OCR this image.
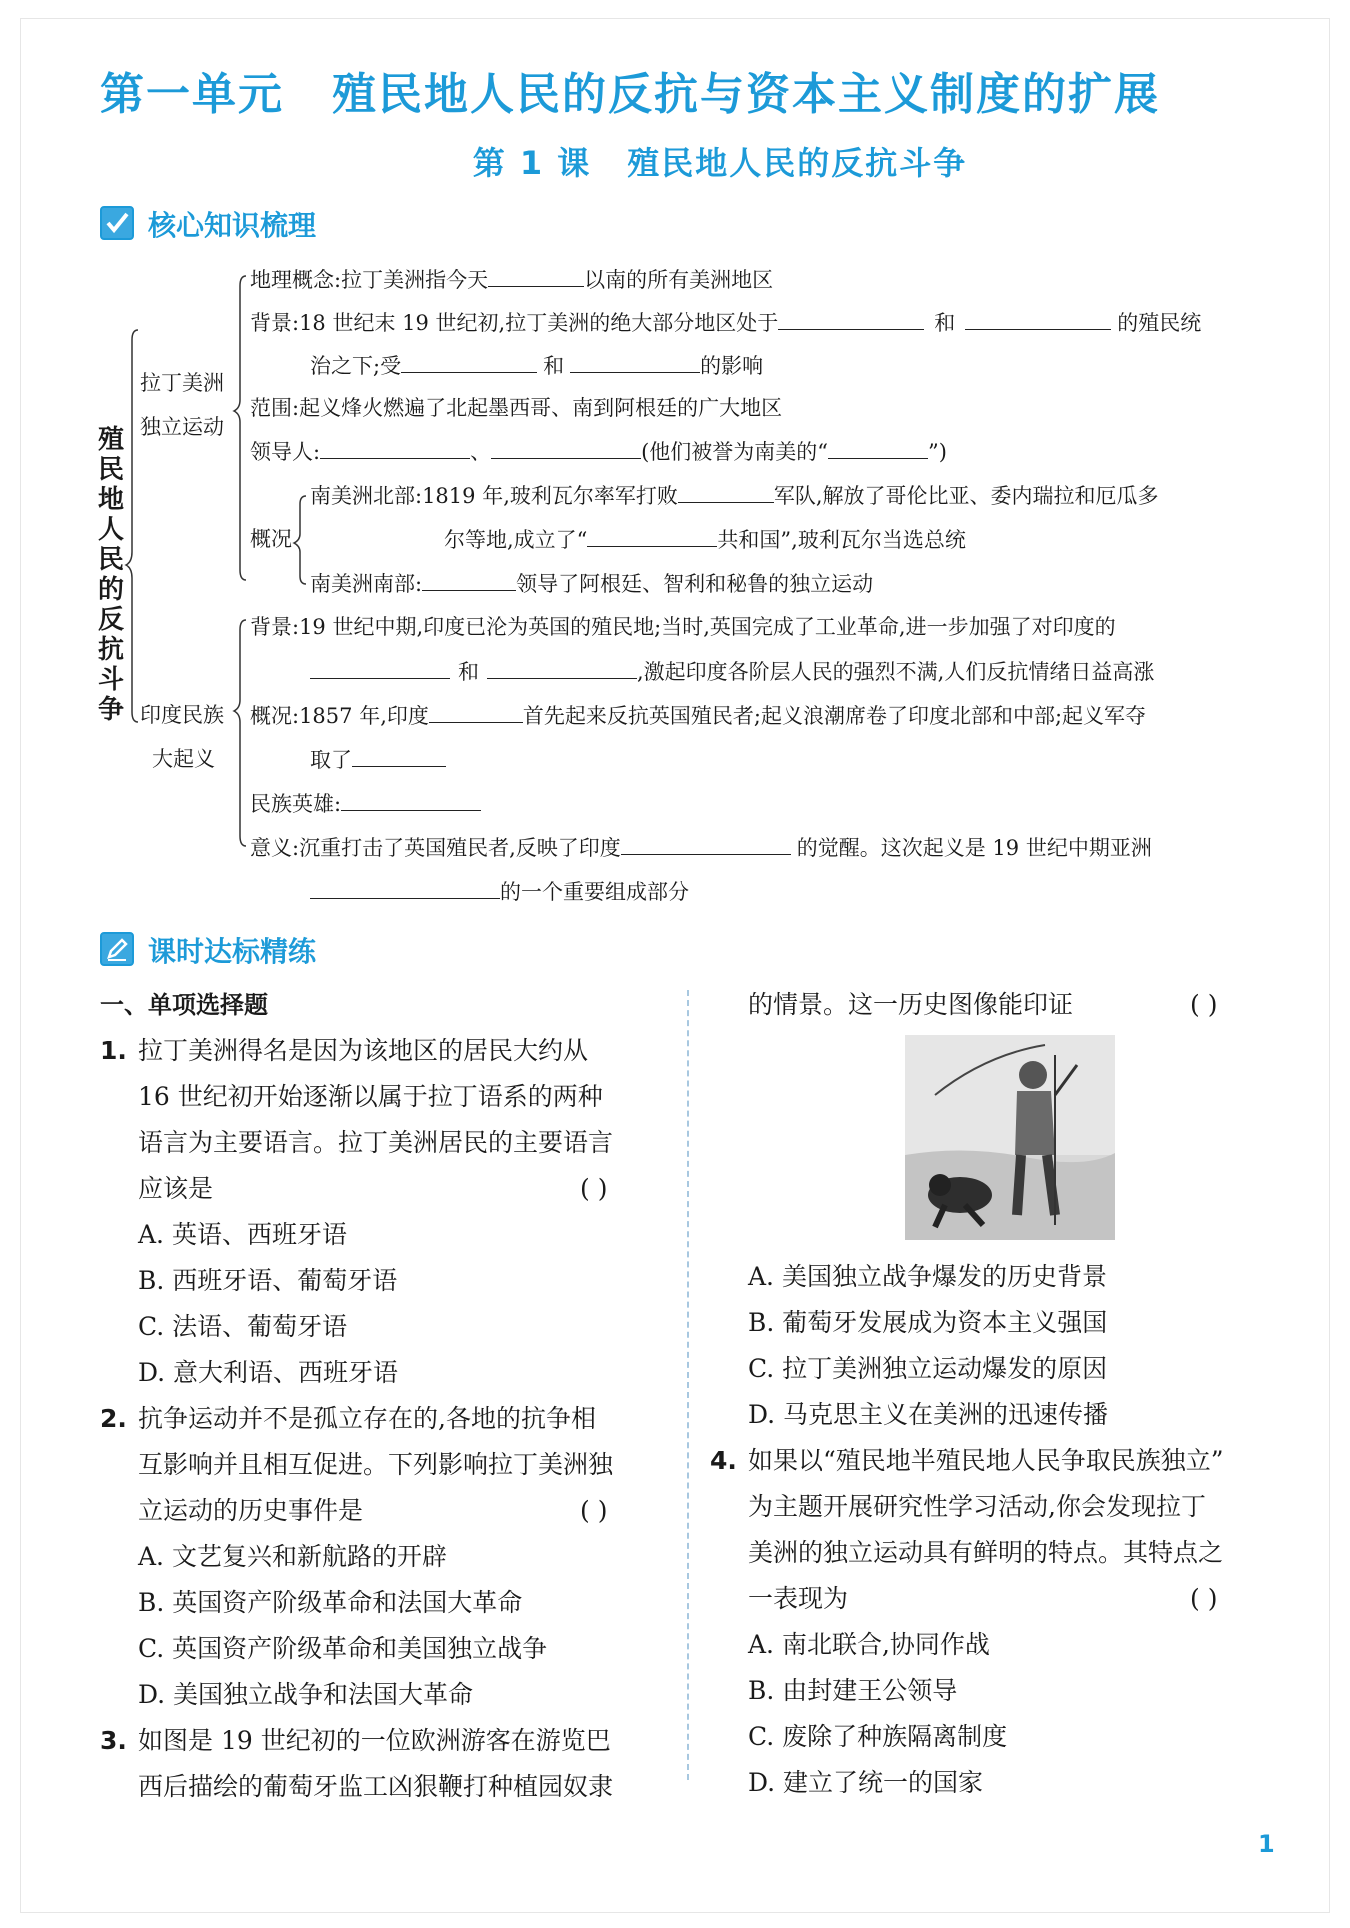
第一单元 殖民地人民的反抗与资本主义制度的扩展
第 1 课 殖民地人民的反抗斗争
核心知识梳理
殖民地人民的反抗斗争
拉丁美洲
独立运动
地理概念:拉丁美洲指今天	以南的所有美洲地区
背景:18 世纪末 19 世纪初,拉丁美洲的绝大部分地区处于	和	的殖民统
治之下;受	和	的影响
范围:起义烽火燃遍了北起墨西哥、南到阿根廷的广大地区
领导人:	、	(他们被誉为南美的“	”)
概况
南美洲北部:1819 年,玻利瓦尔率军打败	军队,解放了哥伦比亚、委内瑞拉和厄瓜多
尔等地,成立了“	共和国”,玻利瓦尔当选总统
南美洲南部:	领导了阿根廷、智利和秘鲁的独立运动
印度民族
大起义
背景:19 世纪中期,印度已沦为英国的殖民地;当时,英国完成了工业革命,进一步加强了对印度的
和	,激起印度各阶层人民的强烈不满,人们反抗情绪日益高涨
概况:1857 年,印度	首先起来反抗英国殖民者;起义浪潮席卷了印度北部和中部;起义军夺
取了
民族英雄:
意义:沉重打击了英国殖民者,反映了印度	的觉醒。这次起义是 19 世纪中期亚洲
的一个重要组成部分
课时达标精练
一、单项选择题
1. 拉丁美洲得名是因为该地区的居民大约从
16 世纪初开始逐渐以属于拉丁语系的两种
语言为主要语言。拉丁美洲居民的主要语言
应该是	( )
A. 英语、西班牙语
B. 西班牙语、葡萄牙语
C. 法语、葡萄牙语
D. 意大利语、西班牙语
2. 抗争运动并不是孤立存在的,各地的抗争相
互影响并且相互促进。下列影响拉丁美洲独
立运动的历史事件是	( )
A. 文艺复兴和新航路的开辟
B. 英国资产阶级革命和法国大革命
C. 英国资产阶级革命和美国独立战争
D. 美国独立战争和法国大革命
3. 如图是 19 世纪初的一位欧洲游客在游览巴
西后描绘的葡萄牙监工凶狠鞭打种植园奴隶
的情景。这一历史图像能印证	( )
A. 美国独立战争爆发的历史背景
B. 葡萄牙发展成为资本主义强国
C. 拉丁美洲独立运动爆发的原因
D. 马克思主义在美洲的迅速传播
4. 如果以“殖民地半殖民地人民争取民族独立”
为主题开展研究性学习活动,你会发现拉丁
美洲的独立运动具有鲜明的特点。其特点之
一表现为	( )
A. 南北联合,协同作战
B. 由封建王公领导
C. 废除了种族隔离制度
D. 建立了统一的国家
1
